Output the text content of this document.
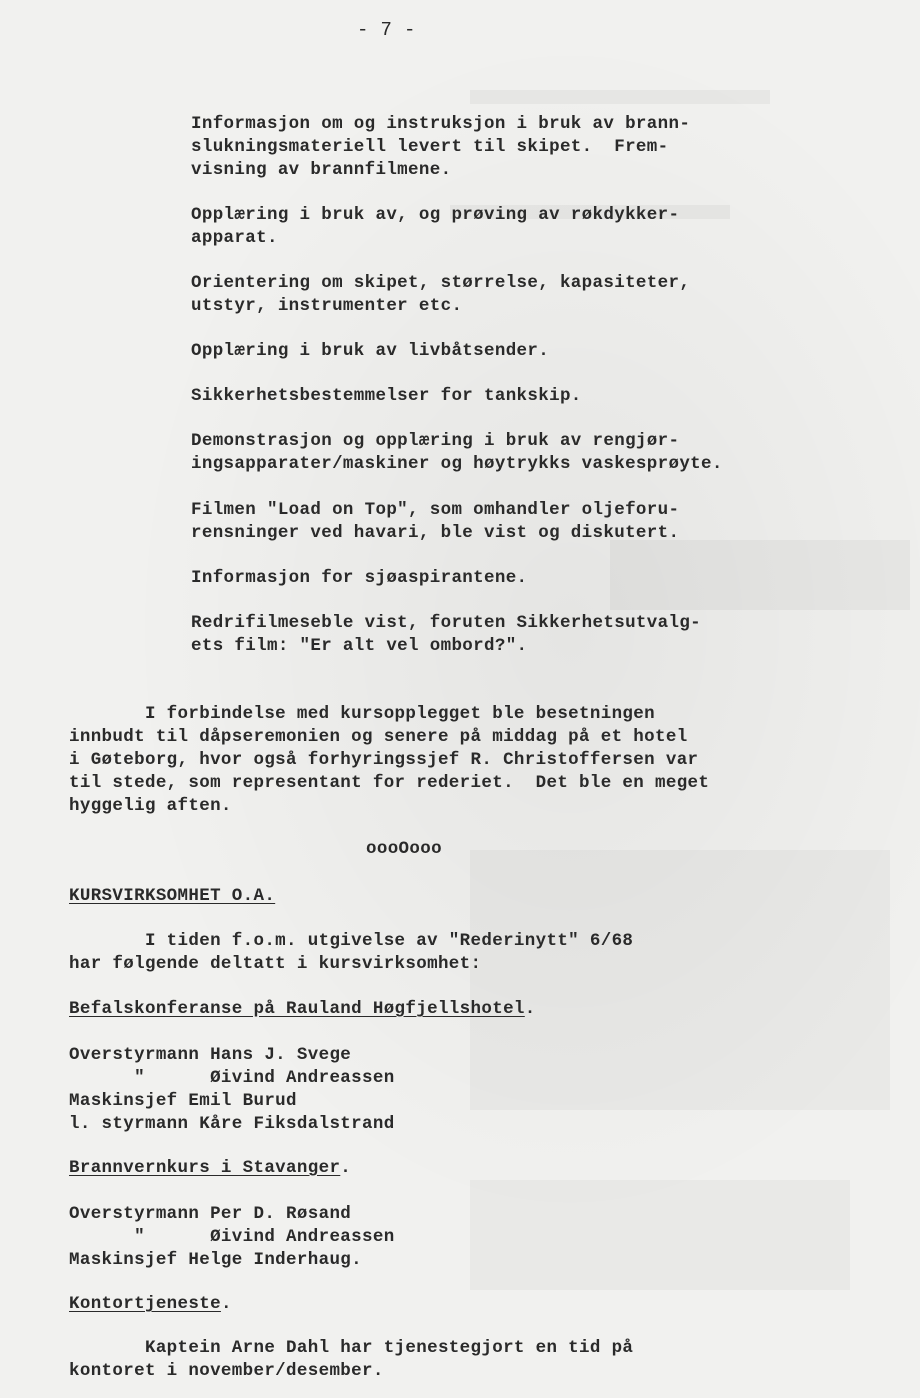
- 7 -

Informasjon om og instruksjon i bruk av brann-
slukningsmateriell levert til skipet.  Frem-
visning av brannfilmene.

Opplæring i bruk av, og prøving av røkdykker-
apparat.

Orientering om skipet, størrelse, kapasiteter,
utstyr, instrumenter etc.

Opplæring i bruk av livbåtsender.

Sikkerhetsbestemmelser for tankskip.

Demonstrasjon og opplæring i bruk av rengjør-
ingsapparater/maskiner og høytrykks vaskesprøyte.

Filmen "Load on Top", som omhandler oljeforu-
rensninger ved havari, ble vist og diskutert.

Informasjon for sjøaspirantene.

Redrifilmeseble vist, foruten Sikkerhetsutvalg-
ets film: "Er alt vel ombord?".

I forbindelse med kursopplegget ble besetningen
innbudt til dåpseremonien og senere på middag på et hotel
i Gøteborg, hvor også forhyringssjef R. Christoffersen var
til stede, som representant for rederiet.  Det ble en meget
hyggelig aften.

oooOooo

KURSVIRKSOMHET O.A.

I tiden f.o.m. utgivelse av "Rederinytt" 6/68
har følgende deltatt i kursvirksomhet:

Befalskonferanse på Rauland Høgfjellshotel.

Overstyrmann Hans J. Svege
"      Øivind Andreassen
Maskinsjef Emil Burud
l. styrmann Kåre Fiksdalstrand

Brannvernkurs i Stavanger.

Overstyrmann Per D. Røsand
"      Øivind Andreassen
Maskinsjef Helge Inderhaug.

Kontortjeneste.

Kaptein Arne Dahl har tjenestegjort en tid på
kontoret i november/desember.
